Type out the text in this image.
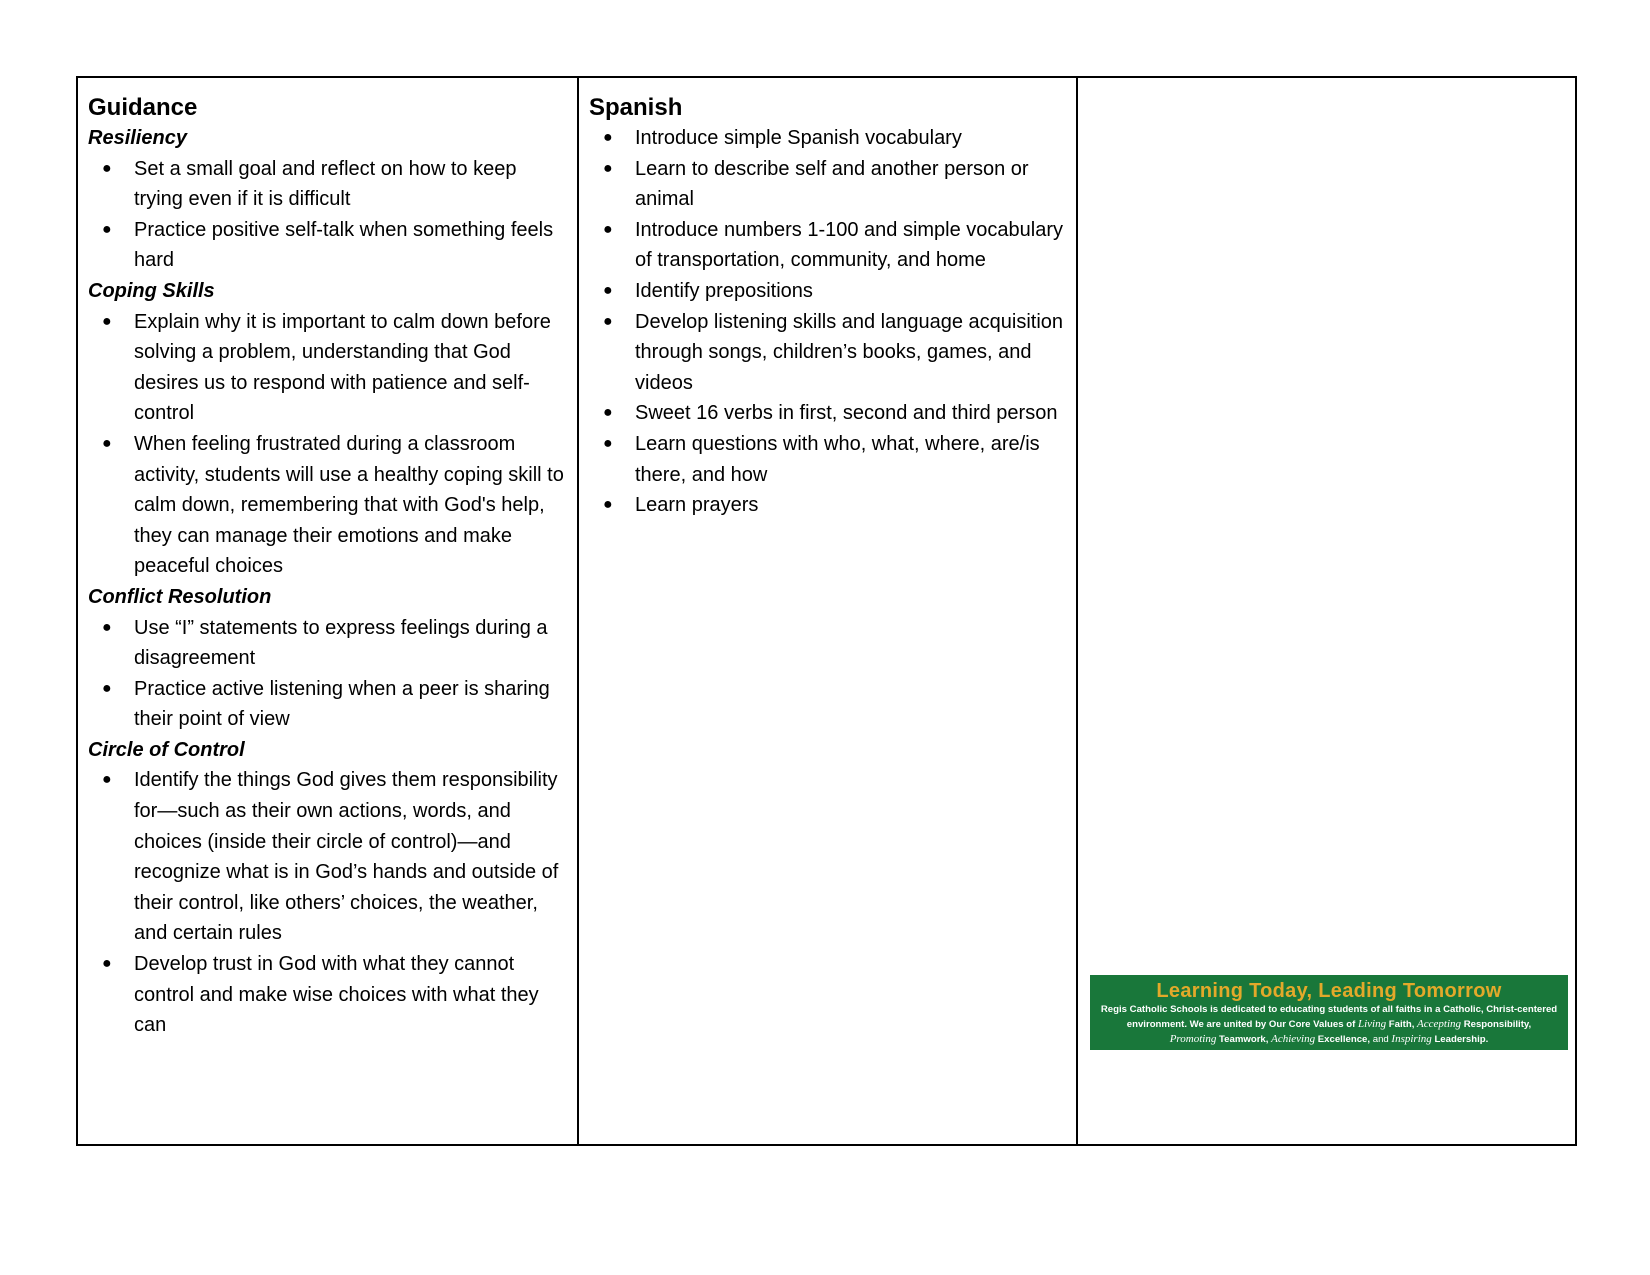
Guidance

Resiliency

● Set a small goal and reflect on how to keep trying even if it is difficult
● Practice positive self-talk when something feels hard

Coping Skills

● Explain why it is important to calm down before solving a problem, understanding that God desires us to respond with patience and self-control
● When feeling frustrated during a classroom activity, students will use a healthy coping skill to calm down, remembering that with God's help, they can manage their emotions and make peaceful choices

Conflict Resolution

● Use “I” statements to express feelings during a disagreement
● Practice active listening when a peer is sharing their point of view

Circle of Control

● Identify the things God gives them responsibility for—such as their own actions, words, and choices (inside their circle of control)—and recognize what is in God’s hands and outside of their control, like others’ choices, the weather, and certain rules
● Develop trust in God with what they cannot control and make wise choices with what they can

Spanish

● Introduce simple Spanish vocabulary
● Learn to describe self and another person or animal
● Introduce numbers 1-100 and simple vocabulary of transportation, community, and home
● Identify prepositions
● Develop listening skills and language acquisition through songs, children’s books, games, and videos
● Sweet 16 verbs in first, second and third person
● Learn questions with who, what, where, are/is there, and how
● Learn prayers
Learning Today, Leading Tomorrow
Regis Catholic Schools is dedicated to educating students of all faiths in a Catholic, Christ-centered
environment. We are united by Our Core Values of Living Faith, Accepting Responsibility,
Promoting Teamwork, Achieving Excellence, and Inspiring Leadership.
